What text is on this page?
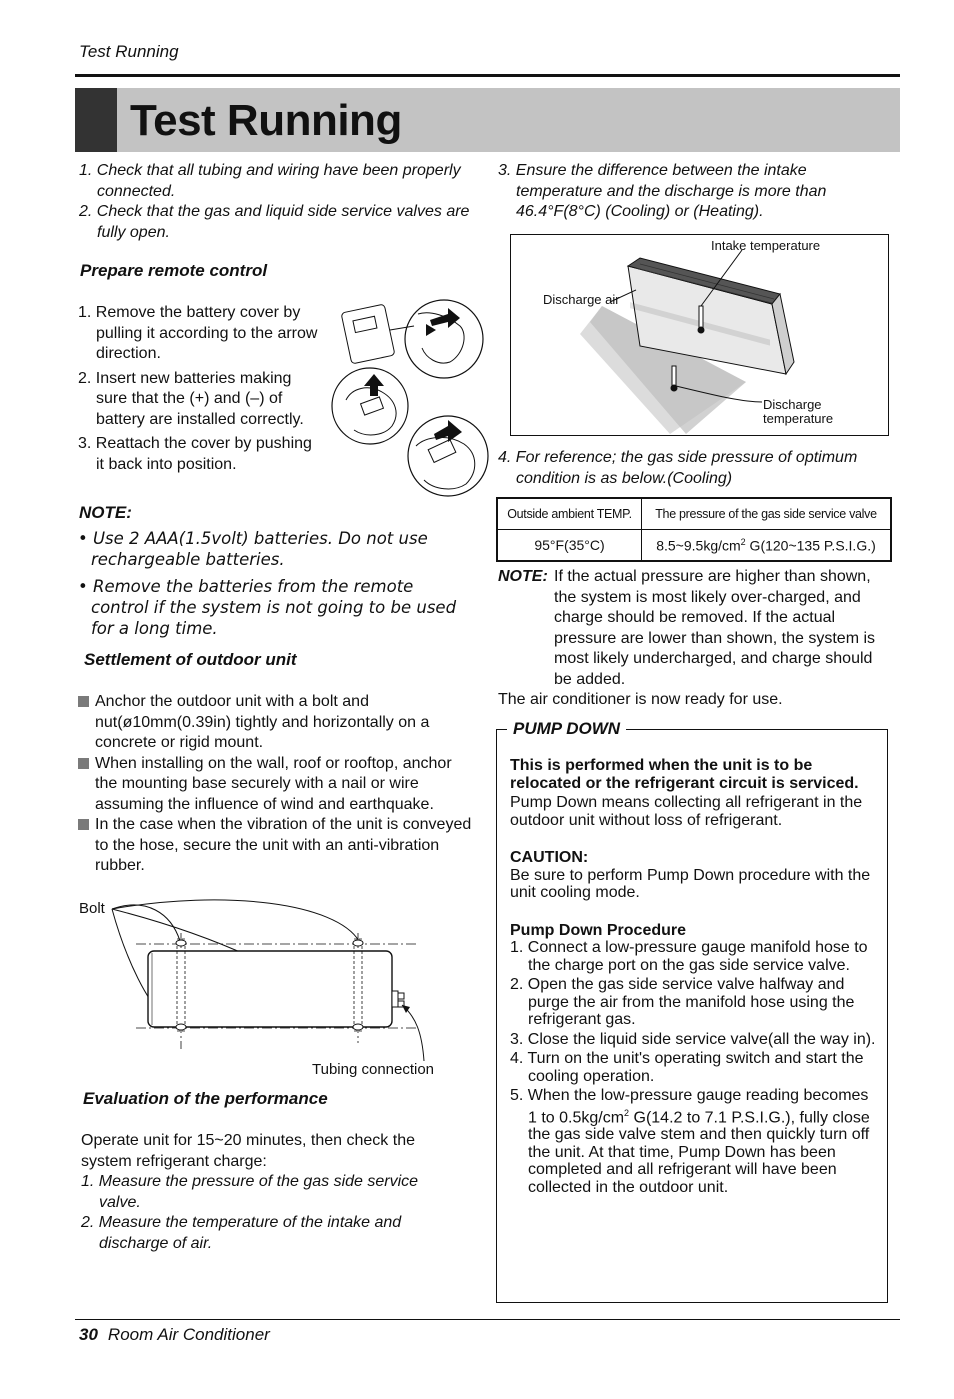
Test Running
Test Running

1. Check that all tubing and wiring have been properly connected.

2. Check that the gas and liquid side service valves are fully open.

Prepare remote control

1. Remove the battery cover by pulling it according to the arrow direction.

2. Insert new batteries making sure that the (+) and (–) of battery are installed correctly.

3. Reattach the cover by pushing it back into position.

NOTE:

• Use 2 AAA(1.5volt) batteries. Do not use rechargeable batteries.

• Remove the batteries from the remote control if the system is not going to be used for a long time.

Settlement of outdoor unit

Anchor the outdoor unit with a bolt and nut(ø10mm(0.39in) tightly and horizontally on a concrete or rigid mount.

When installing on the wall, roof or rooftop, anchor the mounting base securely with a nail or wire assuming the influence of wind and earthquake.

In the case when the vibration of the unit is conveyed to the hose, secure the unit with an anti-vibration rubber.

Bolt
Tubing connection
Evaluation of the performance

Operate unit for 15~20 minutes, then check the system refrigerant charge:

1. Measure the pressure of the gas side service valve.

2. Measure the temperature of the intake and discharge of air.

3. Ensure the difference between the intake temperature and the discharge is more than 46.4°F(8°C) (Cooling) or (Heating).

Intake temperature
Discharge air
Discharge
temperature

4. For reference; the gas side pressure of optimum condition is as below.(Cooling)

Outside ambient TEMP.	The pressure of the gas side service valve
95°F(35°C)	$8.5\sim 9.5kg/cm^2$ G(120~135 P.S.I.G.)
NOTE: If the actual pressure are higher than shown, the system is most likely over-charged, and charge should be removed. If the actual pressure are lower than shown, the system is most likely undercharged, and charge should be added.
The air conditioner is now ready for use.
PUMP DOWN

This is performed when the unit is to be relocated or the refrigerant circuit is serviced.

Pump Down means collecting all refrigerant in the outdoor unit without loss of refrigerant.

CAUTION:

Be sure to perform Pump Down procedure with the unit cooling mode.

Pump Down Procedure

1. Connect a low-pressure gauge manifold hose to the charge port on the gas side service valve.
2. Open the gas side service valve halfway and purge the air from the manifold hose using the refrigerant gas.
3. Close the liquid side service valve(all the way in).
4. Turn on the unit's operating switch and start the cooling operation.
5. When the low-pressure gauge reading becomes 1 to $0.5kg/cm^2$ G(14.2 to 7.1 P.S.I.G.), fully close the gas side valve stem and then quickly turn off the unit. At that time, Pump Down has been completed and all refrigerant will have been collected in the outdoor unit.
30 Room Air Conditioner
